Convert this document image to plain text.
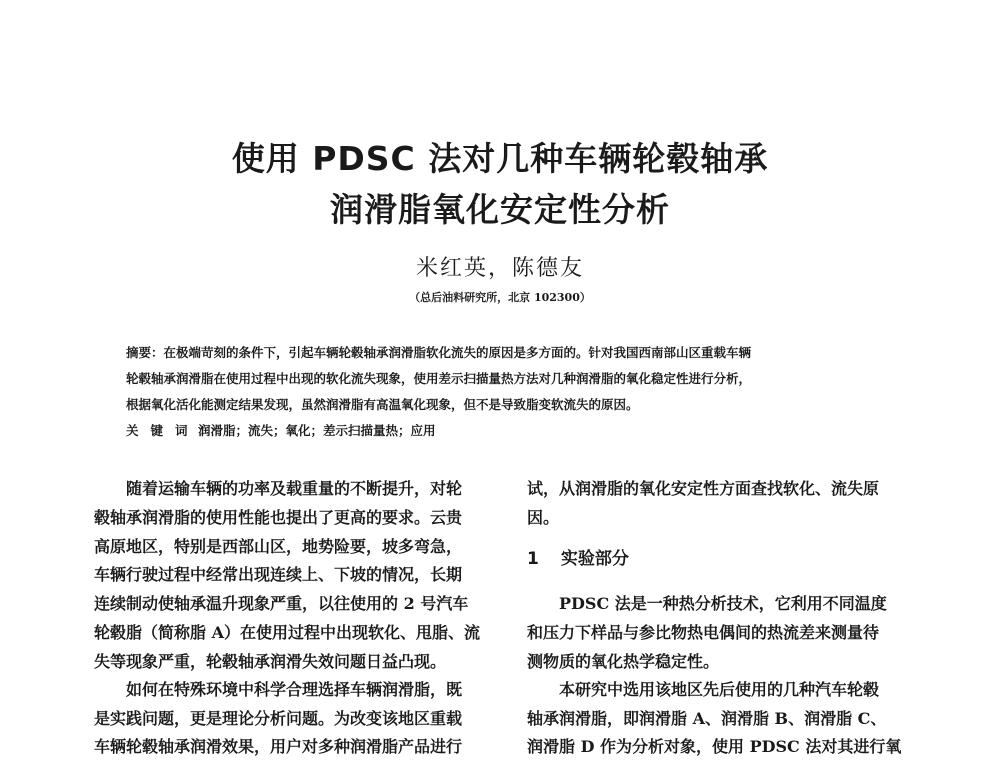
使用 PDSC 法对几种车辆轮毂轴承
润滑脂氧化安定性分析
米红英，陈德友
（总后油料研究所，北京 102300）
摘要：在极端苛刻的条件下，引起车辆轮毂轴承润滑脂软化流失的原因是多方面的。针对我国西南部山区重载车辆
轮毂轴承润滑脂在使用过程中出现的软化流失现象，使用差示扫描量热方法对几种润滑脂的氧化稳定性进行分析，
根据氧化活化能测定结果发现，虽然润滑脂有高温氧化现象，但不是导致脂变软流失的原因。
关键词：润滑脂；流失；氧化；差示扫描量热；应用
　　随着运输车辆的功率及载重量的不断提升，对轮
毂轴承润滑脂的使用性能也提出了更高的要求。云贵
高原地区，特别是西部山区，地势险要，坡多弯急，
车辆行驶过程中经常出现连续上、下坡的情况，长期
连续制动使轴承温升现象严重，以往使用的 2 号汽车
轮毂脂（简称脂 A）在使用过程中出现软化、甩脂、流
失等现象严重，轮毂轴承润滑失效问题日益凸现。
　　如何在特殊环境中科学合理选择车辆润滑脂，既
是实践问题，更是理论分析问题。为改变该地区重载
车辆轮毂轴承润滑效果，用户对多种润滑脂产品进行
试，从润滑脂的氧化安定性方面查找软化、流失原
因。
　　PDSC 法是一种热分析技术，它利用不同温度
和压力下样品与参比物热电偶间的热流差来测量待
测物质的氧化热学稳定性。
　　本研究中选用该地区先后使用的几种汽车轮毂
轴承润滑脂，即润滑脂 A、润滑脂 B、润滑脂 C、
润滑脂 D 作为分析对象，使用 PDSC 法对其进行氧
1 实验部分
